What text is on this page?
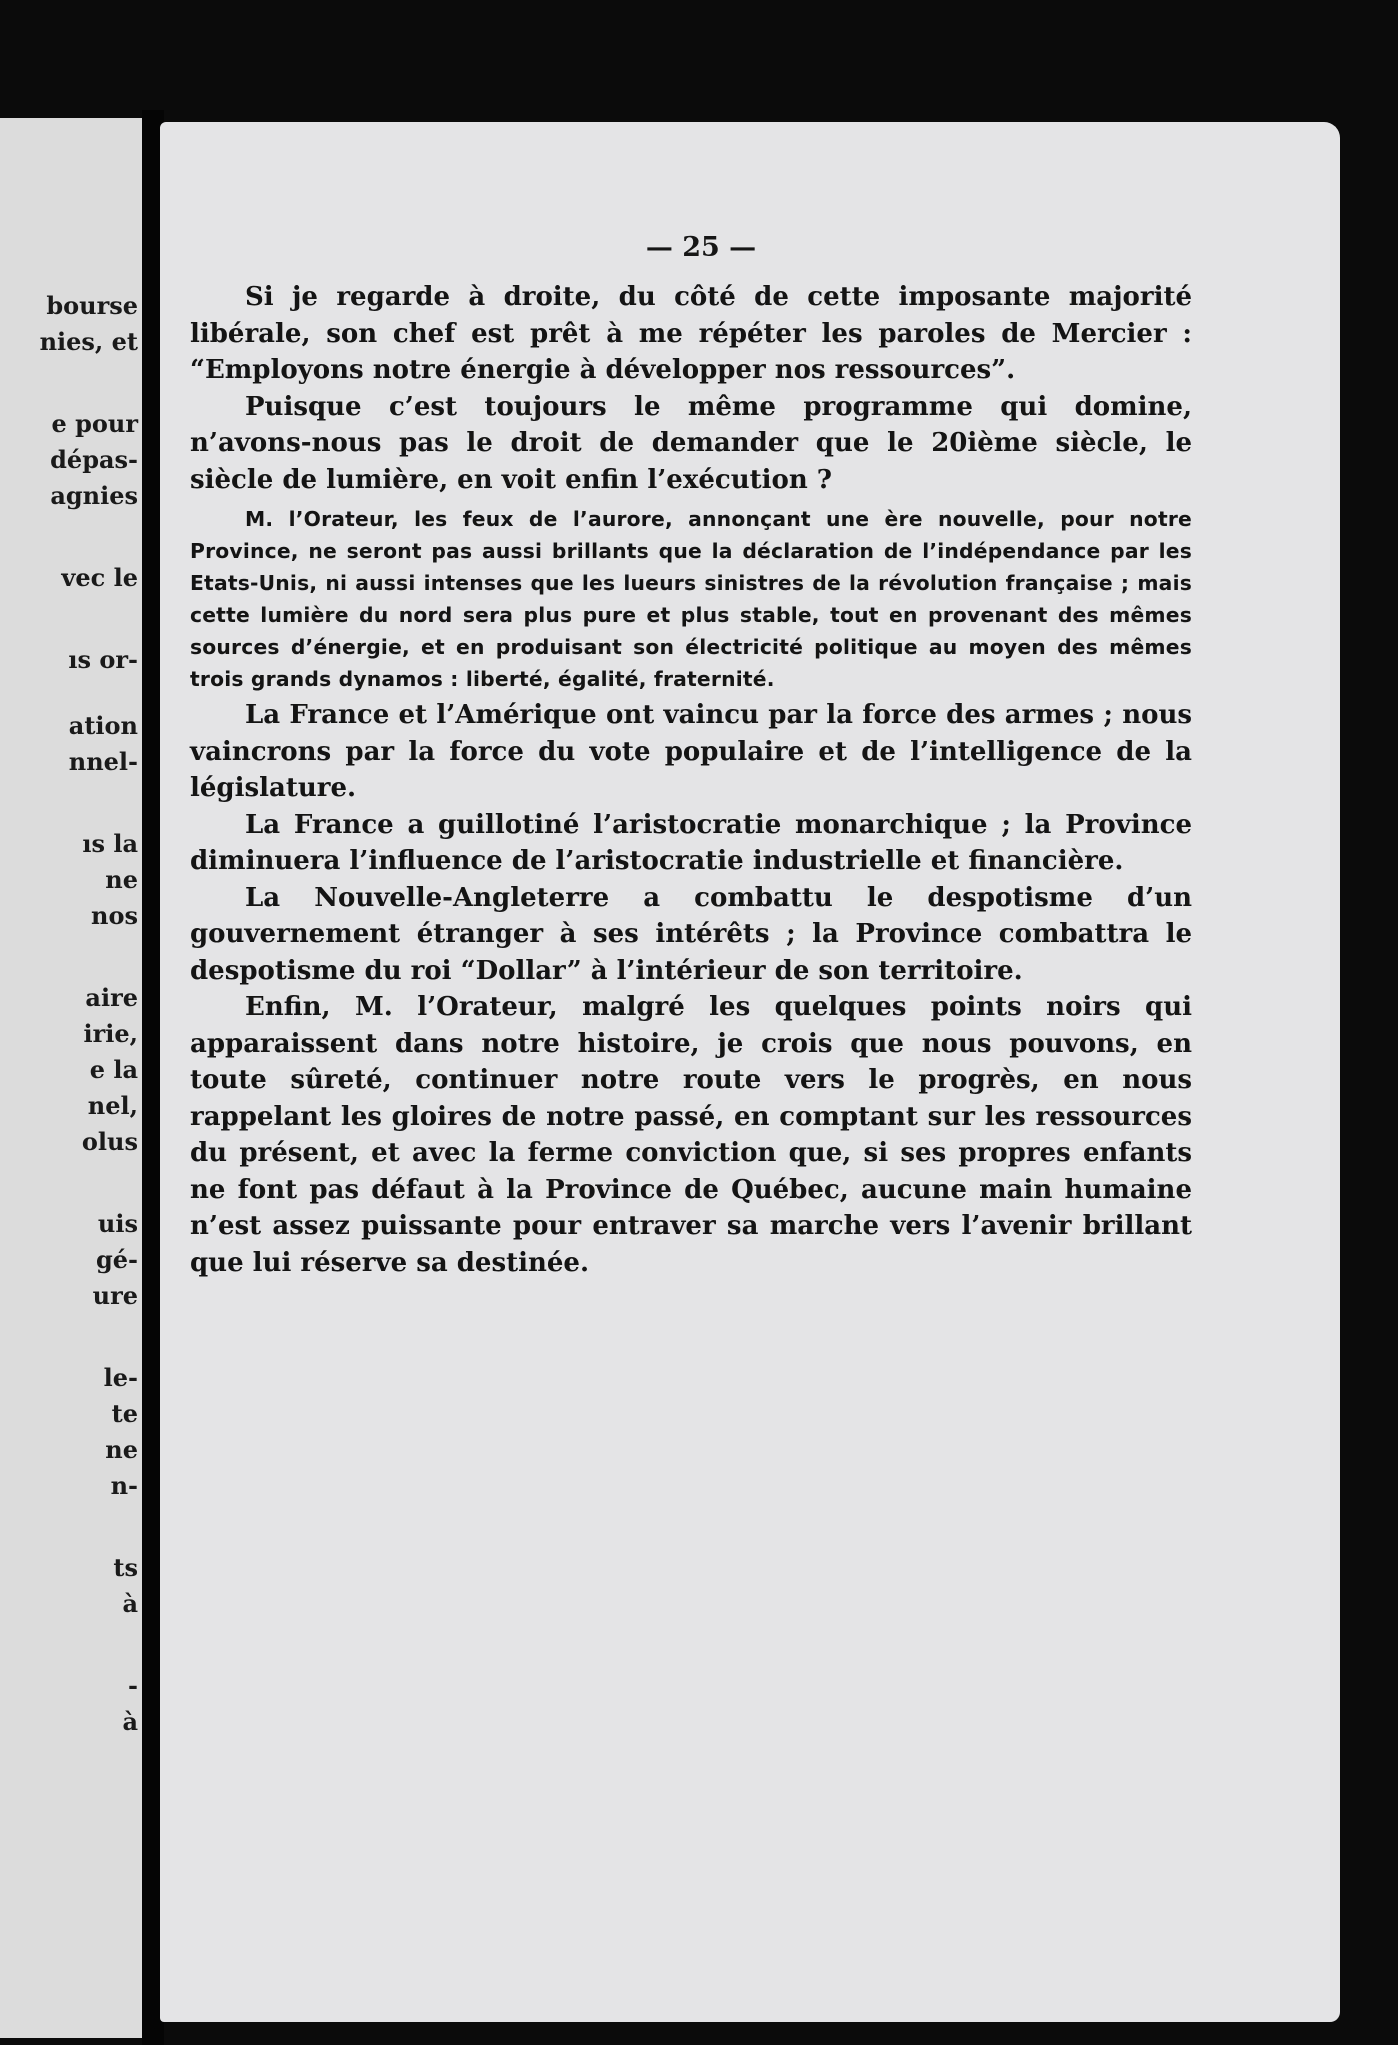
bourse
nies, et
e pour
dépas-
agnies
vec le
ıs or-
ation
nnel-
ıs la
ne
nos
aire
irie,
e la
nel,
olus
uis
gé-
ure
le-
te
ne
n-
ts
à
-
à
— 25 —

Si je regarde à droite, du côté de cette imposante majorité libérale, son chef est prêt à me répéter les paroles de Mercier : “Employons notre énergie à développer nos ressources”.

Puisque c’est toujours le même programme qui domine, n’avons-nous pas le droit de demander que le 20ième siècle, le siècle de lumière, en voit enfin l’exécution ?

M. l’Orateur, les feux de l’aurore, annonçant une ère nouvelle, pour notre Province, ne seront pas aussi brillants que la déclaration de l’indépendance par les Etats-Unis, ni aussi intenses que les lueurs sinistres de la révolution française ; mais cette lumière du nord sera plus pure et plus stable, tout en provenant des mêmes sources d’énergie, et en produisant son électricité politique au moyen des mêmes trois grands dynamos : liberté, égalité, fraternité.

La France et l’Amérique ont vaincu par la force des armes ; nous vaincrons par la force du vote populaire et de l’intelligence de la législature.

La France a guillotiné l’aristocratie monarchique ; la Province diminuera l’influence de l’aristocratie industrielle et financière.

La Nouvelle-Angleterre a combattu le despotisme d’un gouvernement étranger à ses intérêts ; la Province combattra le despotisme du roi “Dollar” à l’intérieur de son territoire.

Enfin, M. l’Orateur, malgré les quelques points noirs qui apparaissent dans notre histoire, je crois que nous pouvons, en toute sûreté, continuer notre route vers le progrès, en nous rappelant les gloires de notre passé, en comptant sur les ressources du présent, et avec la ferme conviction que, si ses propres enfants ne font pas défaut à la Province de Québec, aucune main humaine n’est assez puissante pour entraver sa marche vers l’avenir brillant que lui réserve sa destinée.
